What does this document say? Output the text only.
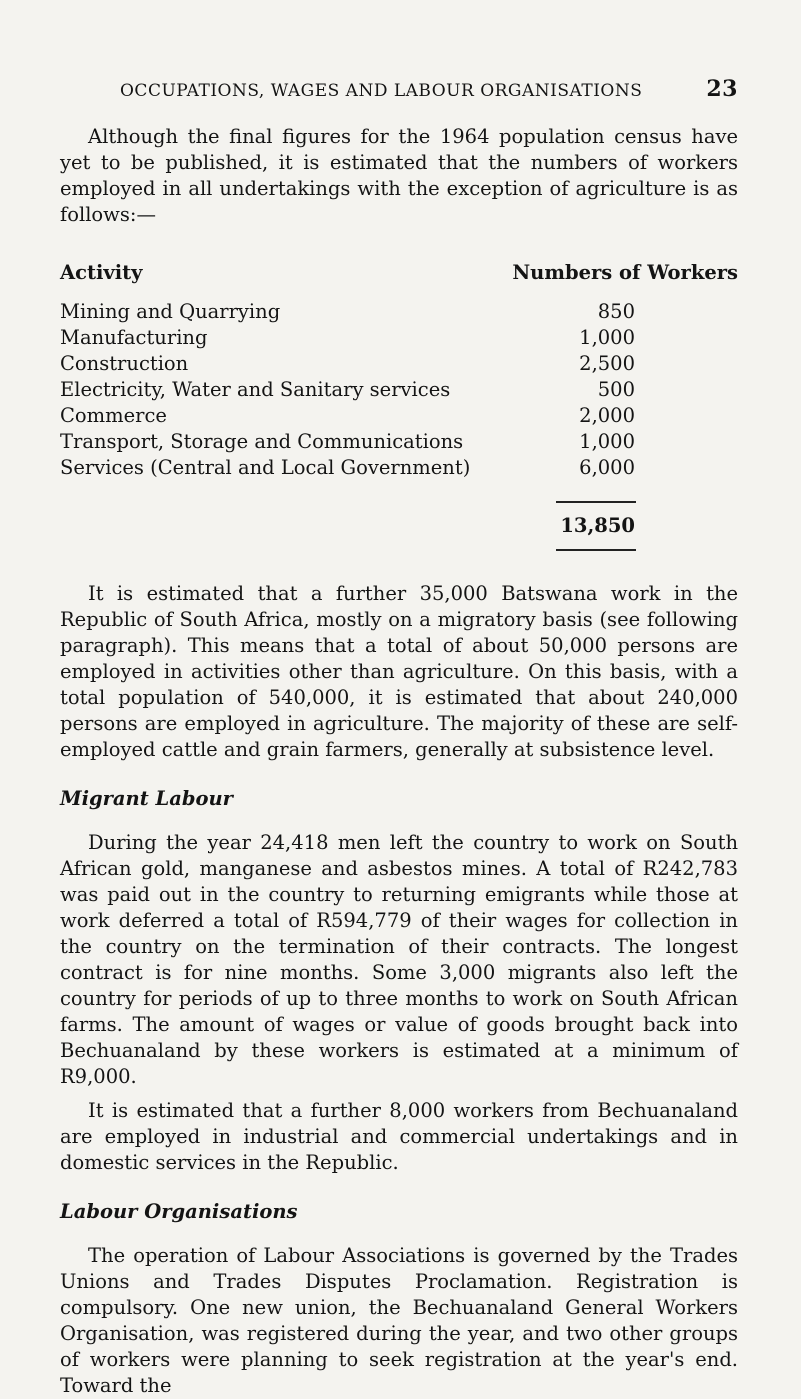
OCCUPATIONS, WAGES AND LABOUR ORGANISATIONS	23

Although the final figures for the 1964 population census have yet to be published, it is estimated that the numbers of workers employed in all undertakings with the exception of agriculture is as follows:—

Activity	Numbers of Workers
Mining and Quarrying	850
Manufacturing	1,000
Construction	2,500
Electricity, Water and Sanitary services	500
Commerce	2,000
Transport, Storage and Communications	1,000
Services (Central and Local Government)	6,000
13,850

It is estimated that a further 35,000 Batswana work in the Republic of South Africa, mostly on a migratory basis (see following paragraph). This means that a total of about 50,000 persons are employed in activities other than agriculture. On this basis, with a total population of 540,000, it is estimated that about 240,000 persons are employed in agriculture. The majority of these are self-employed cattle and grain farmers, generally at subsistence level.

Migrant Labour

During the year 24,418 men left the country to work on South African gold, manganese and asbestos mines. A total of R242,783 was paid out in the country to returning emigrants while those at work deferred a total of R594,779 of their wages for collection in the country on the termination of their contracts. The longest contract is for nine months. Some 3,000 migrants also left the country for periods of up to three months to work on South African farms. The amount of wages or value of goods brought back into Bechuanaland by these workers is estimated at a minimum of R9,000.

It is estimated that a further 8,000 workers from Bechuanaland are employed in industrial and commercial undertakings and in domestic services in the Republic.

Labour Organisations

The operation of Labour Associations is governed by the Trades Unions and Trades Disputes Proclamation. Registration is compulsory. One new union, the Bechuanaland General Workers Organisation, was registered during the year, and two other groups of workers were planning to seek registration at the year's end. Toward the
